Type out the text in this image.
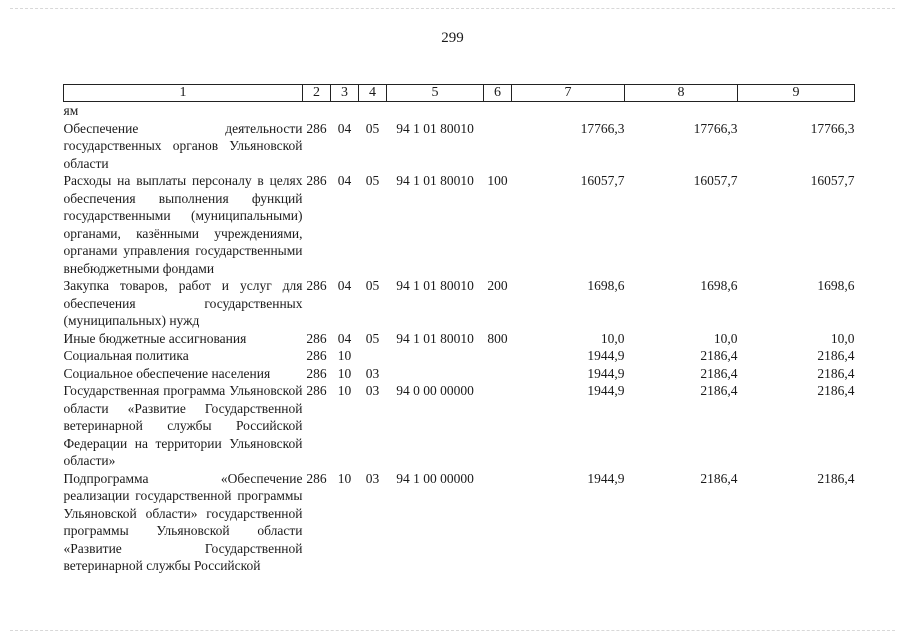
299
1	2	3	4	5	6	7	8	9
ям								
Обеспечение деятельности государственных органов Ульяновской области	286	04	05	94 1 01 80010		17766,3	17766,3	17766,3
Расходы на выплаты персоналу в целях обеспечения выполнения функций государственными (муниципальными) органами, казёнными учреждениями, органами управления государственными внебюджетными фондами	286	04	05	94 1 01 80010	100	16057,7	16057,7	16057,7
Закупка товаров, работ и услуг для обеспечения государственных (муниципальных) нужд	286	04	05	94 1 01 80010	200	1698,6	1698,6	1698,6
Иные бюджетные ассигнования	286	04	05	94 1 01 80010	800	10,0	10,0	10,0
Социальная политика	286	10				1944,9	2186,4	2186,4
Социальное обеспечение населения	286	10	03			1944,9	2186,4	2186,4
Государственная программа Ульяновской области «Развитие Государственной ветеринарной службы Российской Федерации на территории Ульяновской области»	286	10	03	94 0 00 00000		1944,9	2186,4	2186,4
Подпрограмма «Обеспечение реализации государственной программы Ульяновской области» государственной программы Ульяновской области «Развитие Государственной ветеринарной службы Российской	286	10	03	94 1 00 00000		1944,9	2186,4	2186,4
